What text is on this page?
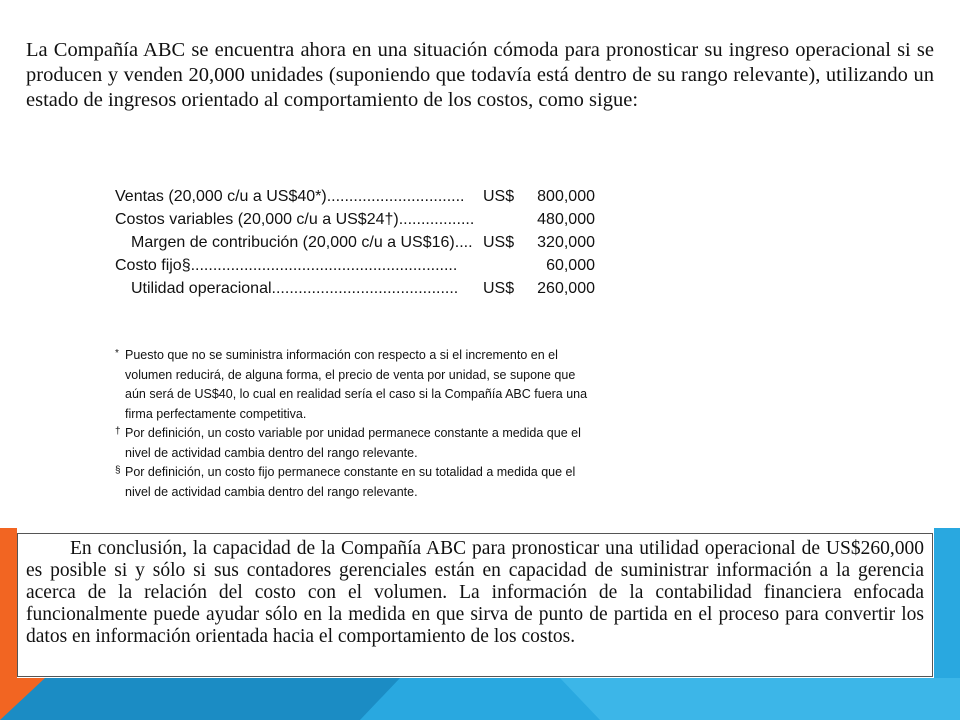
La Compañía ABC se encuentra ahora en una situación cómoda para pronosticar su ingreso operacional si se producen y venden 20,000 unidades (suponiendo que todavía está dentro de su rango relevante), utilizando un estado de ingresos orientado al comportamiento de los costos, como sigue:

Ventas (20,000 c/u a US$40*)...............................	US$	800,000
Costos variables (20,000 c/u a US$24†).................	480,000
Margen de contribución (20,000 c/u a US$16).... US$	320,000
Costo fijo§............................................................	60,000
Utilidad operacional..........................................	US$	260,000
* Puesto que no se suministra información con respecto a si el incremento en el volumen reducirá, de alguna forma, el precio de venta por unidad, se supone que aún será de US$40, lo cual en realidad sería el caso si la Compañía ABC fuera una firma perfectamente competitiva.
† Por definición, un costo variable por unidad permanece constante a medida que el nivel de actividad cambia dentro del rango relevante.
§ Por definición, un costo fijo permanece constante en su totalidad a medida que el nivel de actividad cambia dentro del rango relevante.

En conclusión, la capacidad de la Compañía ABC para pronosticar una utilidad operacional de US$260,000 es posible si y sólo si sus contadores gerenciales están en capacidad de suministrar información a la gerencia acerca de la relación del costo con el volumen. La información de la contabilidad financiera enfocada funcionalmente puede ayudar sólo en la medida en que sirva de punto de partida en el proceso para convertir los datos en información orientada hacia el comportamiento de los costos.
